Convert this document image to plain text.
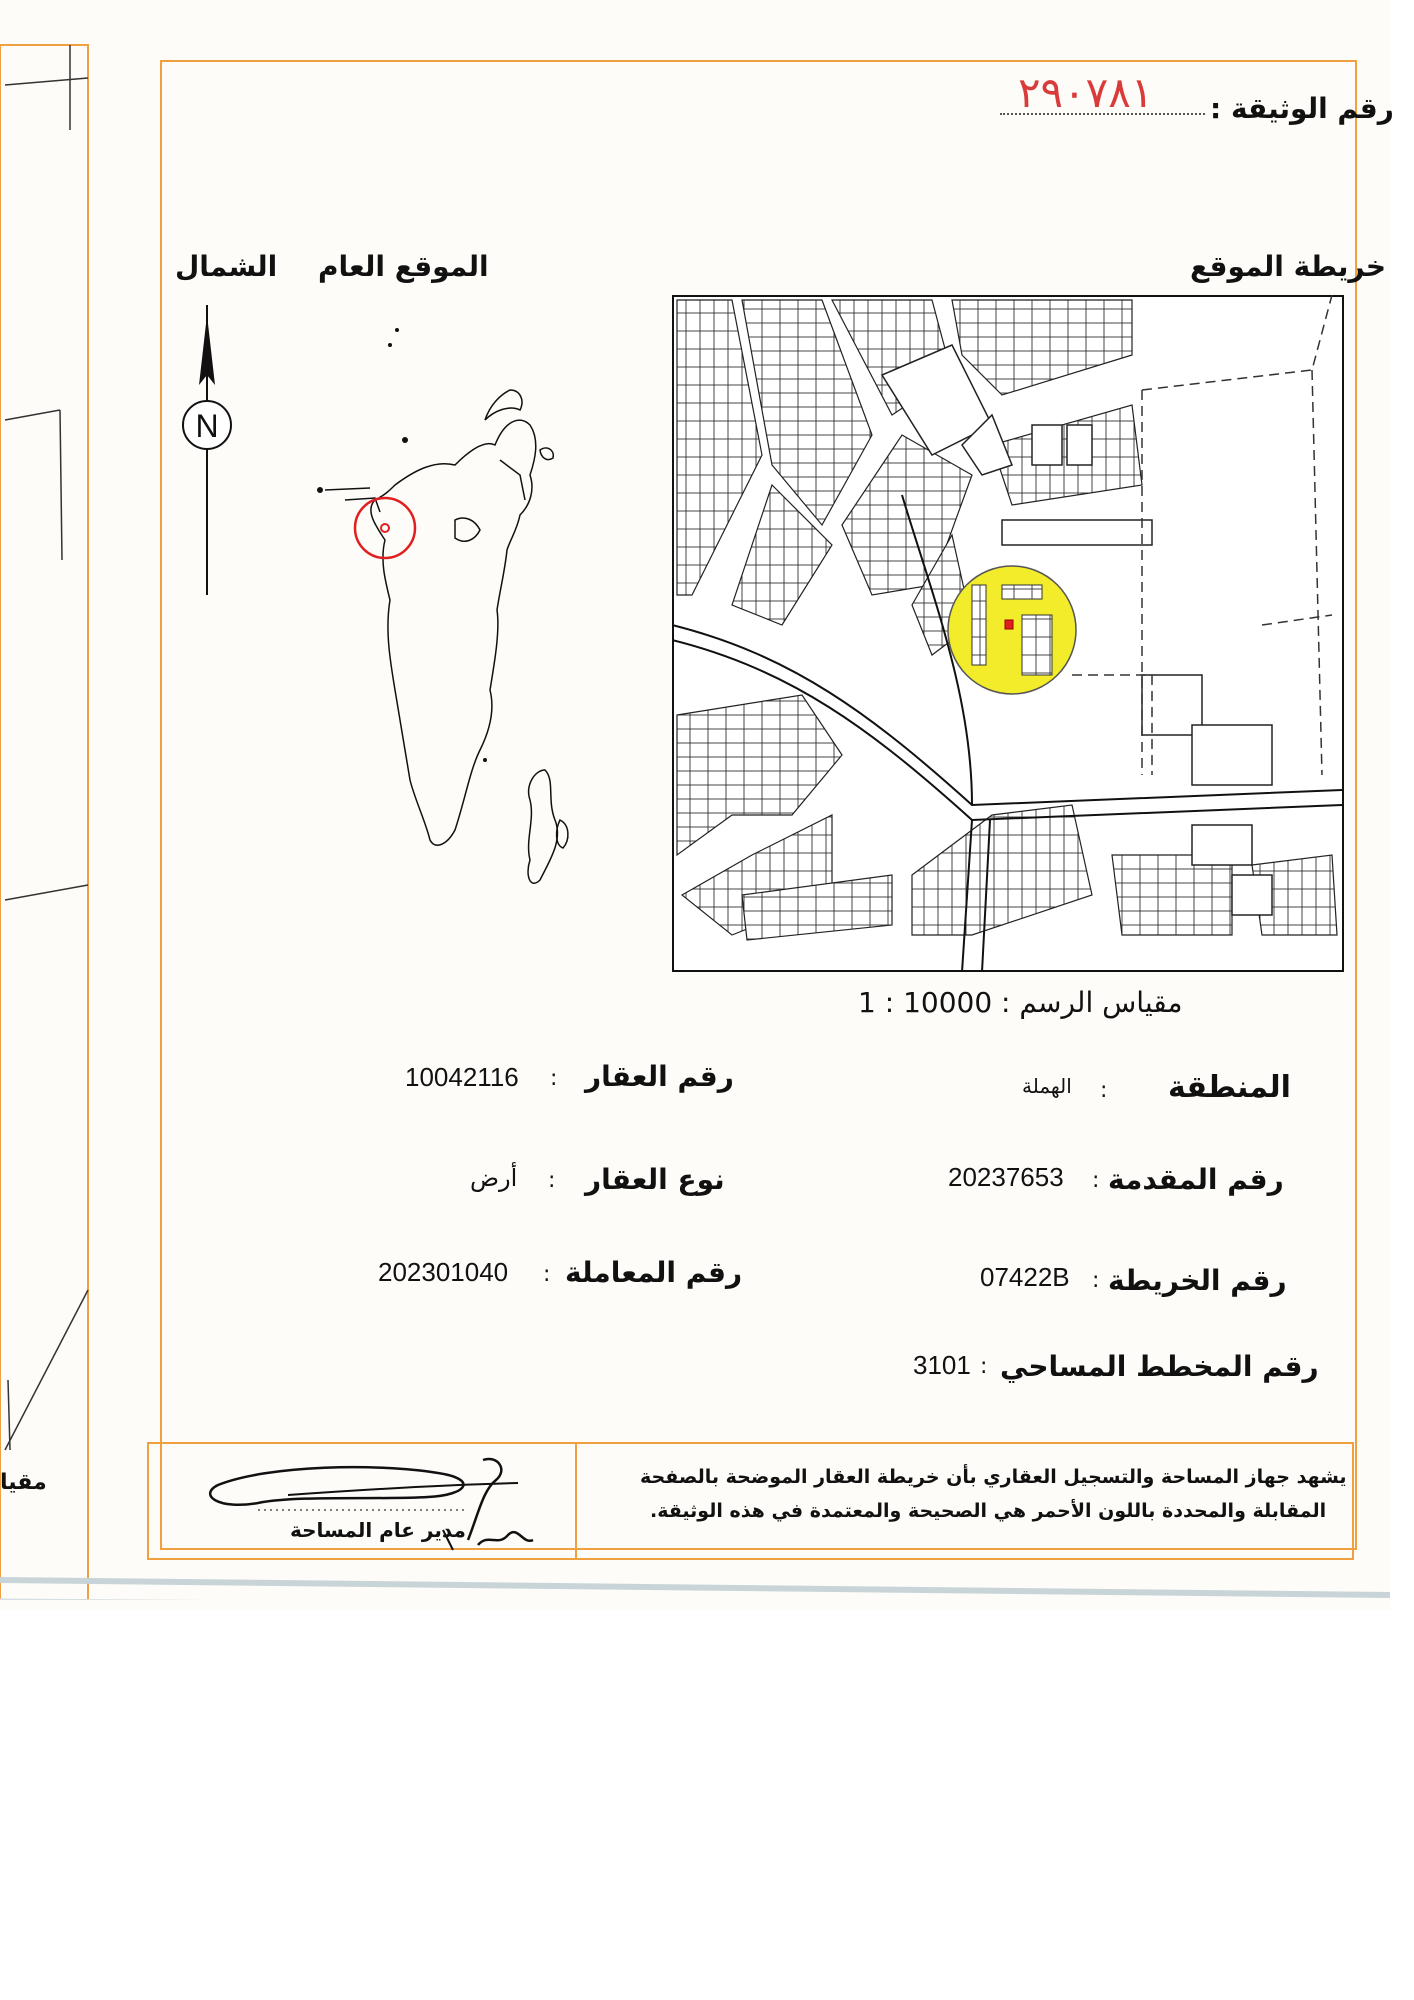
مقيا
رقم الوثيقة :
٢٩٠٧٨١
خريطة الموقع
الموقع العام
الشمال
N
مقياس الرسم : 10000 : 1
المنطقة
:
الهملة
رقم المقدمة
:
20237653
رقم الخريطة
:
07422B
رقم المخطط المساحي
:
3101
رقم العقار
:
10042116
نوع العقار
:
أرض
رقم المعاملة
:
202301040
يشهد جهاز المساحة والتسجيل العقاري بأن خريطة العقار الموضحة بالصفحة
المقابلة والمحددة باللون الأحمر هي الصحيحة والمعتمدة في هذه الوثيقة.
مدير عام المساحة
